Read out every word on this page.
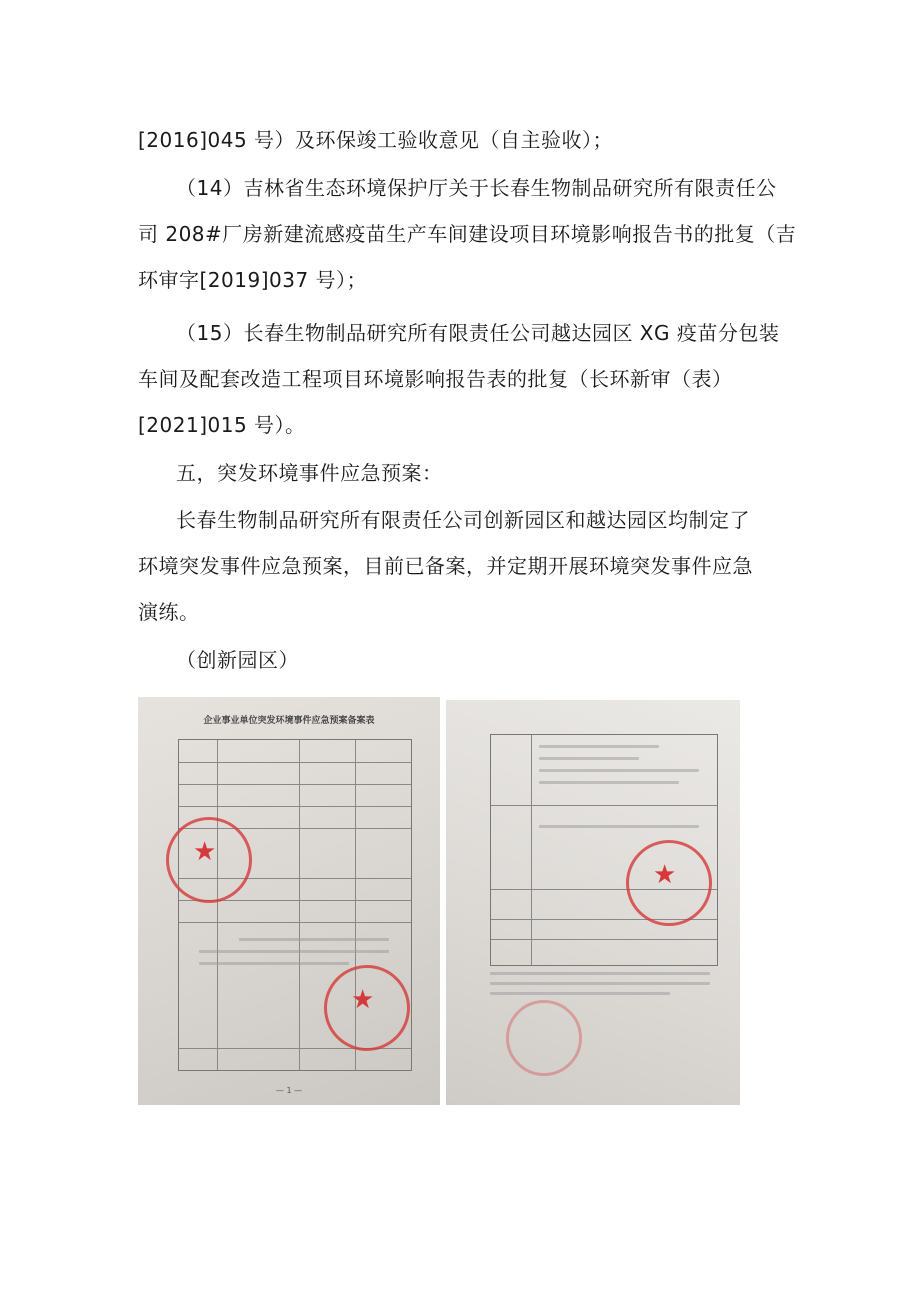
[2016]045 号）及环保竣工验收意见（自主验收）；
（14）吉林省生态环境保护厅关于长春生物制品研究所有限责任公
司 208#厂房新建流感疫苗生产车间建设项目环境影响报告书的批复（吉
环审字[2019]037 号）；
（15）长春生物制品研究所有限责任公司越达园区 XG 疫苗分包装
车间及配套改造工程项目环境影响报告表的批复（长环新审（表）
[2021]015 号）。
五，突发环境事件应急预案：
长春生物制品研究所有限责任公司创新园区和越达园区均制定了
环境突发事件应急预案，目前已备案，并定期开展环境突发事件应急
演练。
（创新园区）
企业事业单位突发环境事件应急预案备案表
★
★
— 1 —
★
